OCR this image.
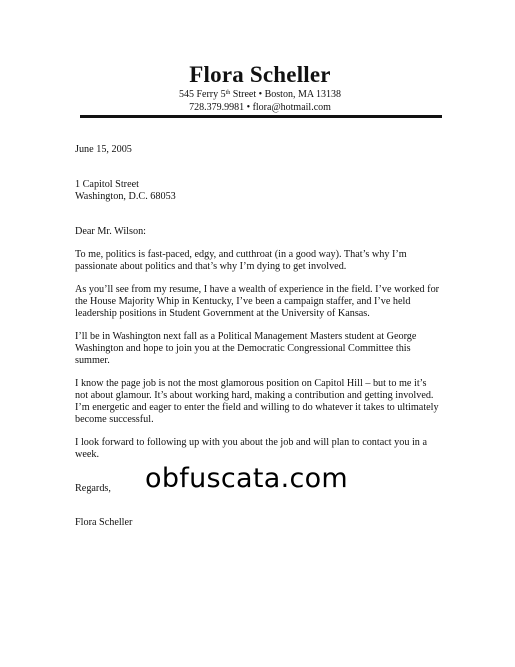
Flora Scheller
545 Ferry 5th Street • Boston, MA 13138
728.379.9981 • flora@hotmail.com
June 15, 2005
1 Capitol Street
Washington, D.C. 68053
Dear Mr. Wilson:
To me, politics is fast-paced, edgy, and cutthroat (in a good way). That’s why I’m
passionate about politics and that’s why I’m dying to get involved.
As you’ll see from my resume, I have a wealth of experience in the field. I’ve worked for
the House Majority Whip in Kentucky, I’ve been a campaign staffer, and I’ve held
leadership positions in Student Government at the University of Kansas.
I’ll be in Washington next fall as a Political Management Masters student at George
Washington and hope to join you at the Democratic Congressional Committee this
summer.
I know the page job is not the most glamorous position on Capitol Hill – but to me it’s
not about glamour. It’s about working hard, making a contribution and getting involved.
I’m energetic and eager to enter the field and willing to do whatever it takes to ultimately
become successful.
I look forward to following up with you about the job and will plan to contact you in a
week.
Regards,
Flora Scheller
obfuscata.com
